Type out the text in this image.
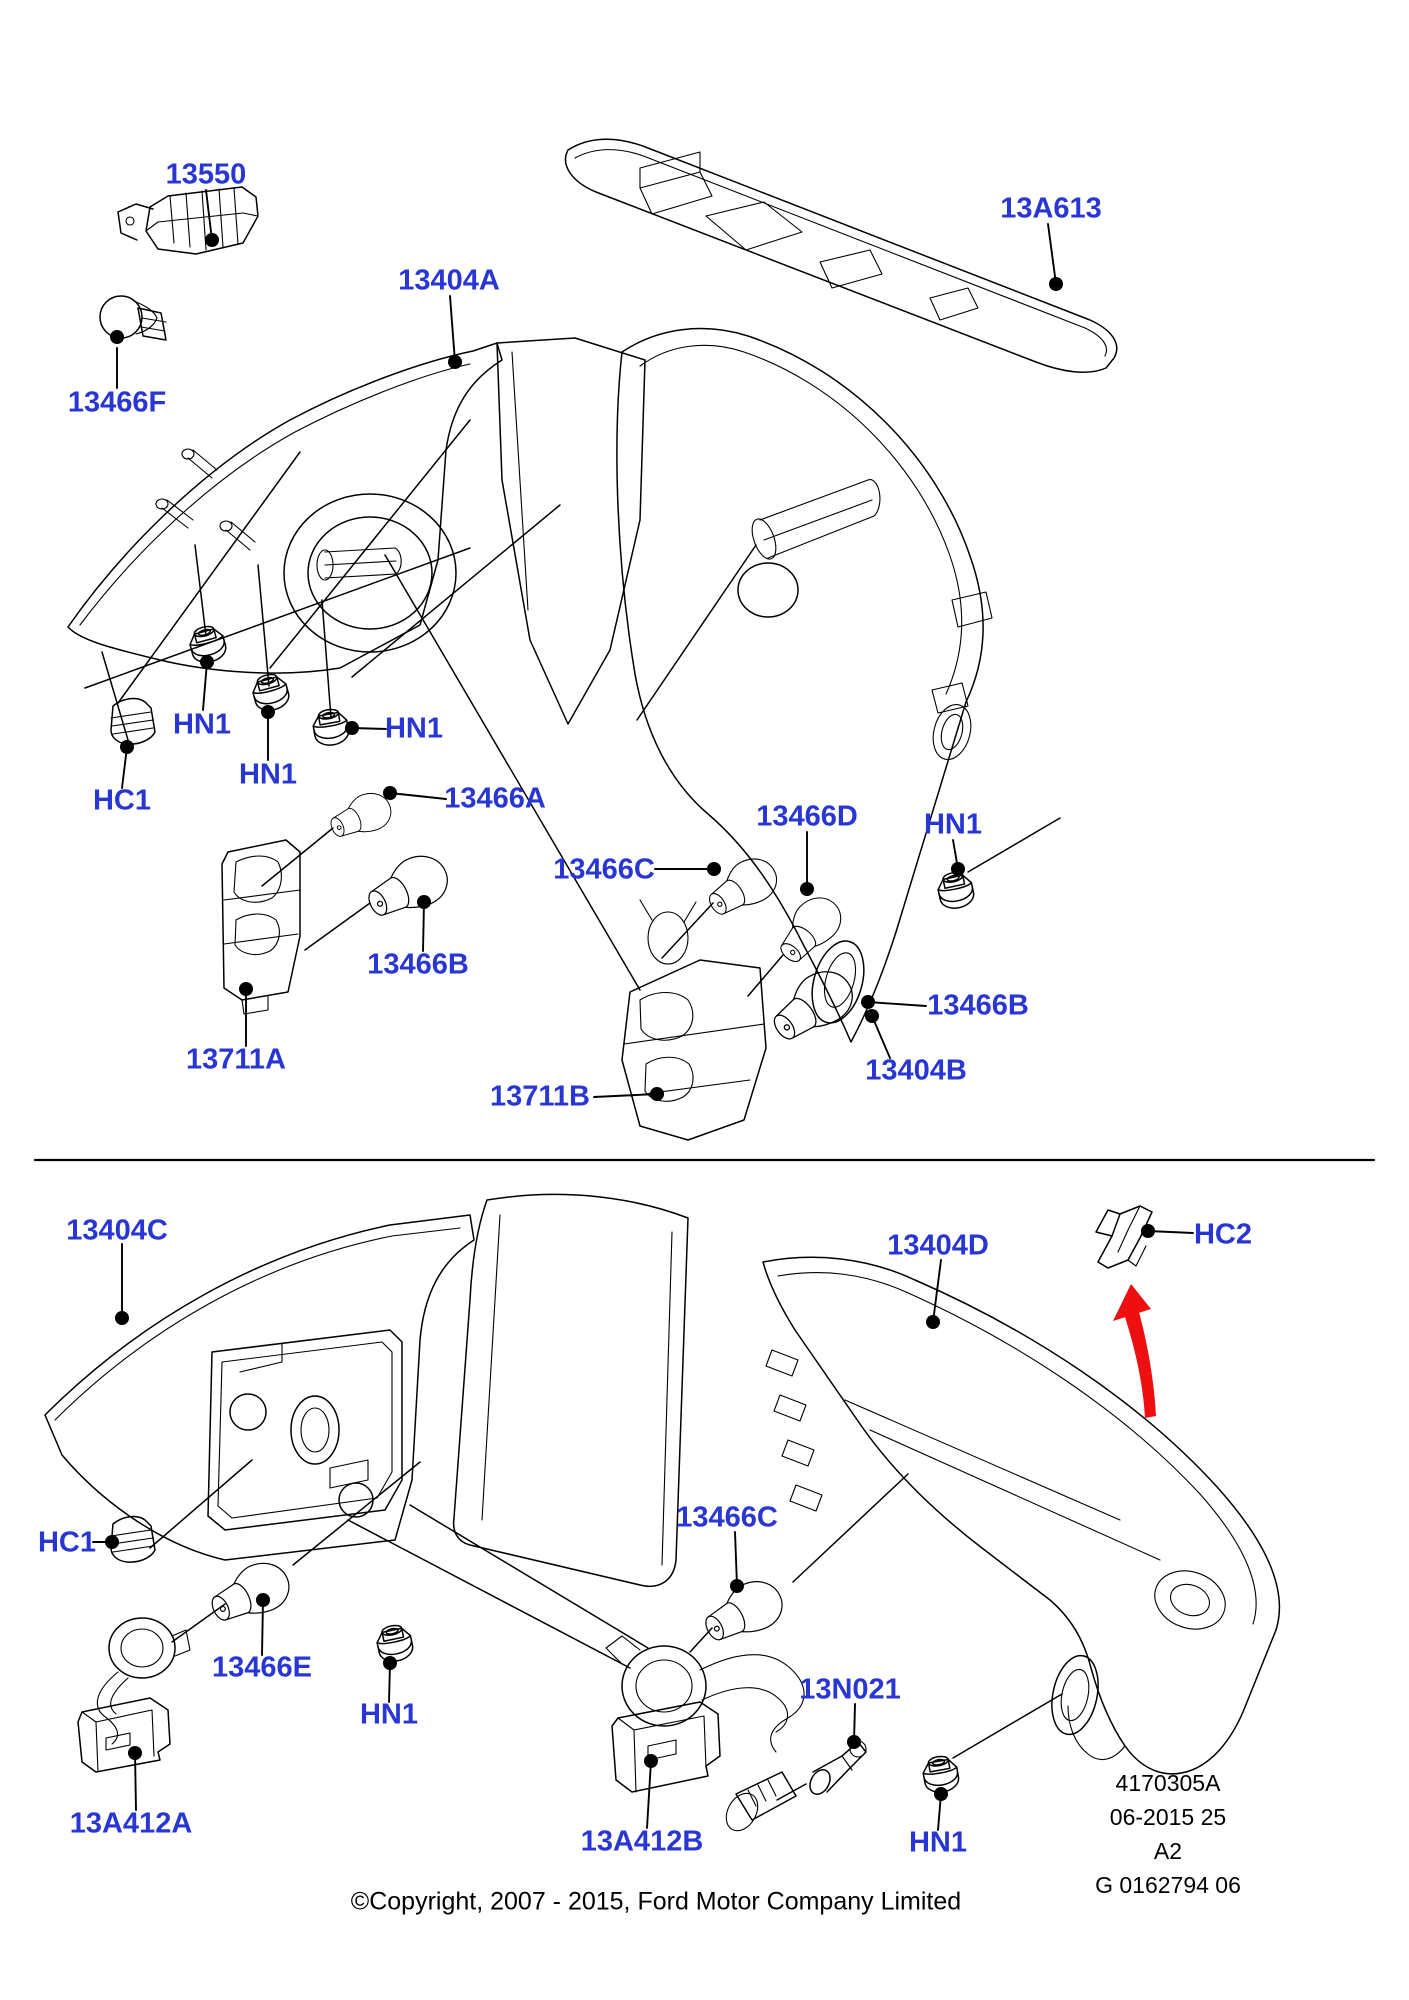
13550
13466F
13404A
13A613
HN1
HN1
HN1
HC1	13466A
13466B
13711A
13466C
13466D HN1
13466B
13404B
13711B
13404C	13404D	HC2
HC1
13466E
HN1
13A412A
13466C
13N021
13A412B	HN1
4170305A
06-2015 25
A2
G 0162794 06
©Copyright, 2007 - 2015, Ford Motor Company Limited
